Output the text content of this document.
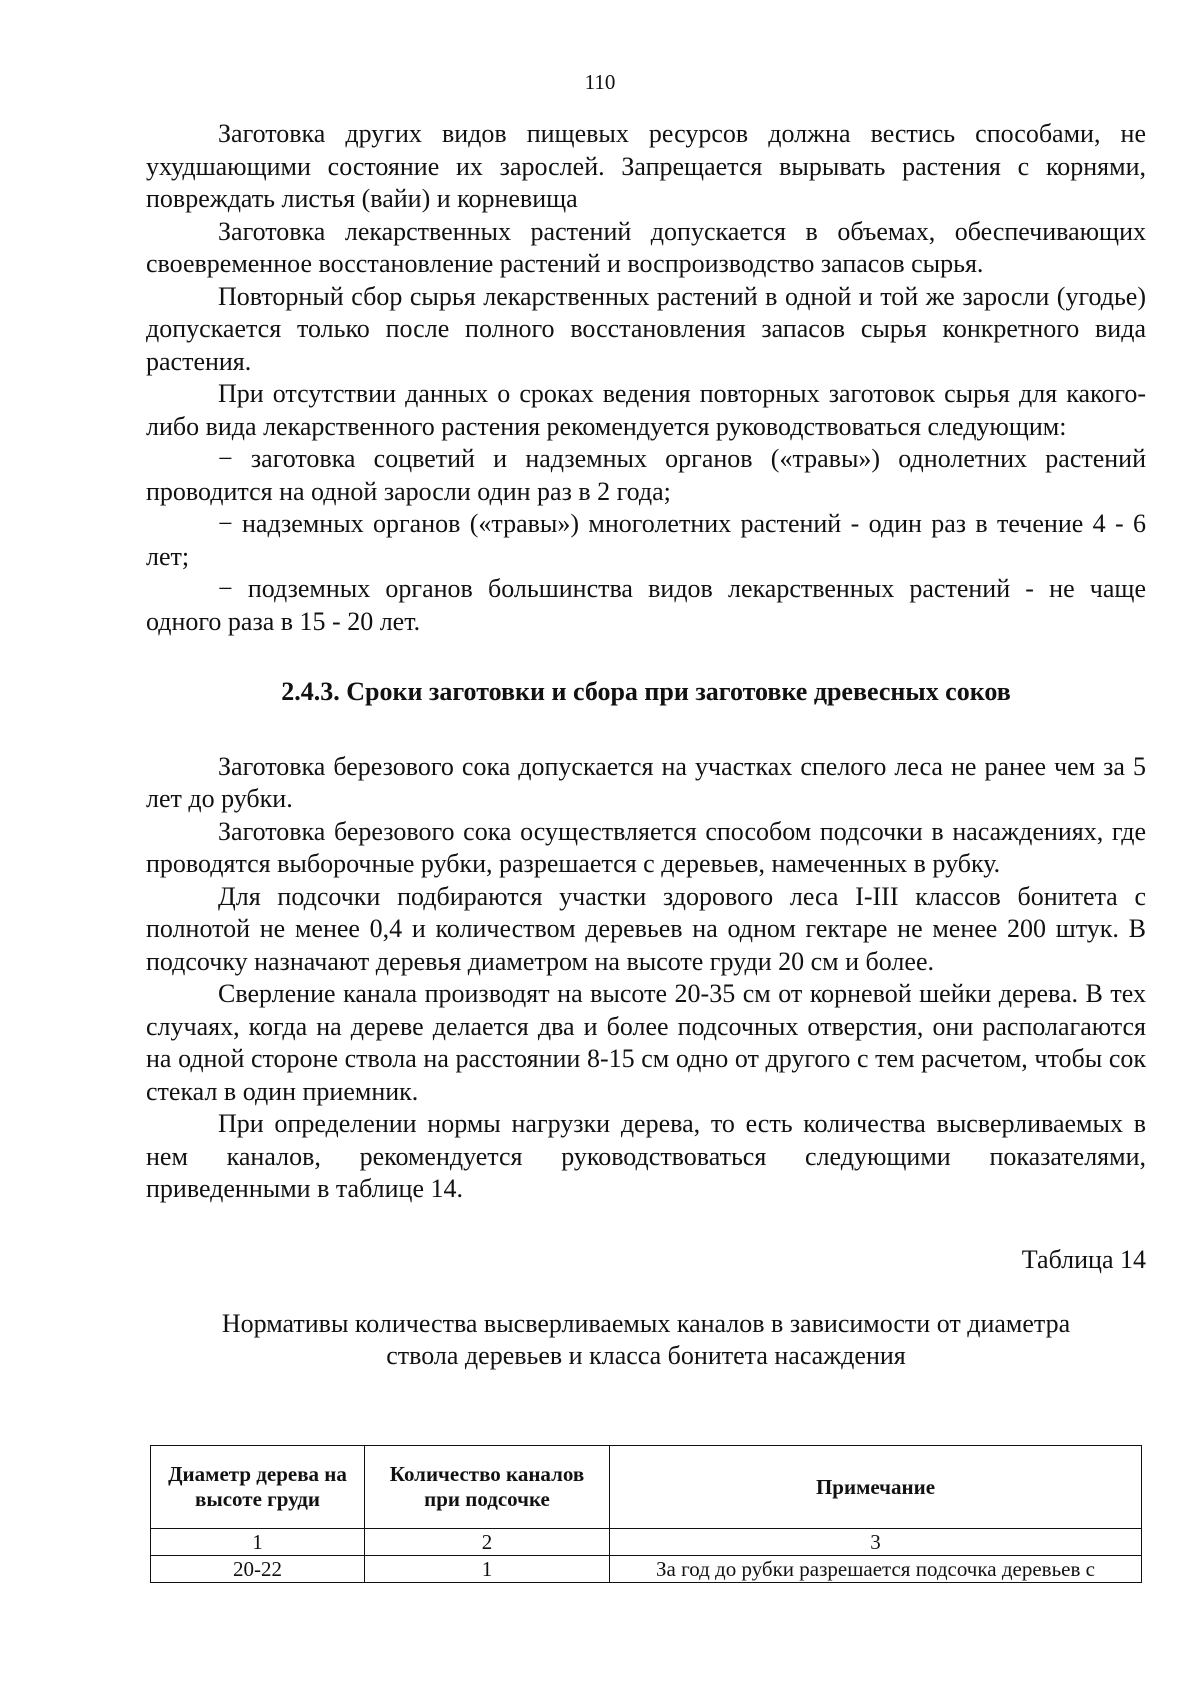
110

Заготовка других видов пищевых ресурсов должна вестись способами, не ухудшающими состояние их зарослей. Запрещается вырывать растения с корнями, повреждать листья (вайи) и корневища

Заготовка лекарственных растений допускается в объемах, обеспечивающих своевременное восстановление растений и воспроизводство запасов сырья.

Повторный сбор сырья лекарственных растений в одной и той же заросли (угодье) допускается только после полного восстановления запасов сырья конкретного вида растения.

При отсутствии данных о сроках ведения повторных заготовок сырья для какого-либо вида лекарственного растения рекомендуется руководствоваться следующим:

− заготовка соцветий и надземных органов («травы») однолетних растений проводится на одной заросли один раз в 2 года;

− надземных органов («травы») многолетних растений - один раз в течение 4 - 6 лет;

− подземных органов большинства видов лекарственных растений - не чаще одного раза в 15 - 20 лет.

2.4.3. Сроки заготовки и сбора при заготовке древесных соков

Заготовка березового сока допускается на участках спелого леса не ранее чем за 5 лет до рубки.

Заготовка березового сока осуществляется способом подсочки в насаждениях, где проводятся выборочные рубки, разрешается с деревьев, намеченных в рубку.

Для подсочки подбираются участки здорового леса I-III классов бонитета с полнотой не менее 0,4 и количеством деревьев на одном гектаре не менее 200 штук. В подсочку назначают деревья диаметром на высоте груди 20 см и более.

Сверление канала производят на высоте 20-35 см от корневой шейки дерева. В тех случаях, когда на дереве делается два и более подсочных отверстия, они располагаются на одной стороне ствола на расстоянии 8-15 см одно от другого с тем расчетом, чтобы сок стекал в один приемник.

При определении нормы нагрузки дерева, то есть количества высверливаемых в нем каналов, рекомендуется руководствоваться следующими показателями, приведенными в таблице 14.

Таблица 14

Нормативы количества высверливаемых каналов в зависимости от диаметра
ствола деревьев и класса бонитета насаждения

Диаметр дерева на высоте груди	Количество каналов при подсочке	Примечание
1	2	3
20-22	1	За год до рубки разрешается подсочка деревьев с
